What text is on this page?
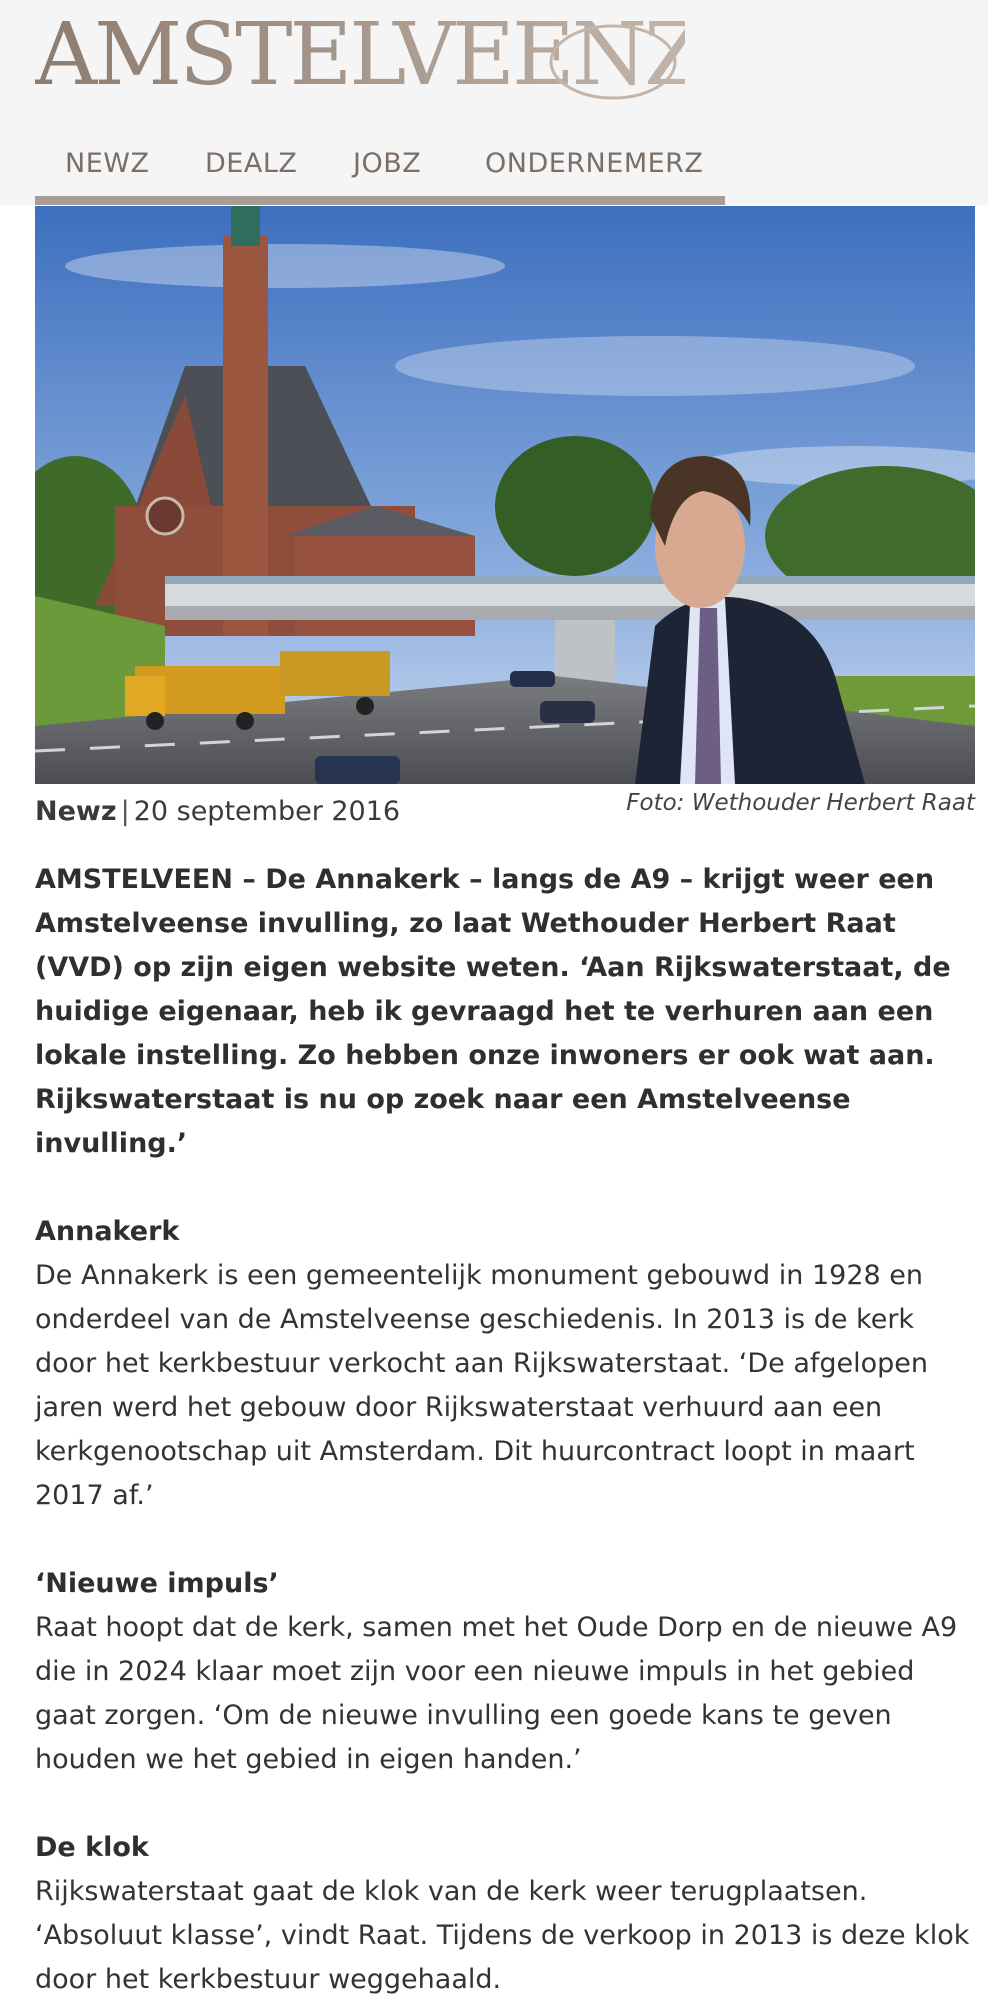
AMSTELVEENZ
NEWZ DEALZ JOBZ ONDERNEMERZ
Newz | 20 september 2016	Foto: Wethouder Herbert Raat

AMSTELVEEN – De Annakerk – langs de A9 – krijgt weer een Amstelveense invulling, zo laat Wethouder Herbert Raat (VVD) op zijn eigen website weten. ‘Aan Rijkswaterstaat, de huidige eigenaar, heb ik gevraagd het te verhuren aan een lokale instelling. Zo hebben onze inwoners er ook wat aan. Rijkswaterstaat is nu op zoek naar een Amstelveense invulling.’

Annakerk

De Annakerk is een gemeentelijk monument gebouwd in 1928 en onderdeel van de Amstelveense geschiedenis. In 2013 is de kerk door het kerkbestuur verkocht aan Rijkswaterstaat. ‘De afgelopen jaren werd het gebouw door Rijkswaterstaat verhuurd aan een kerkgenootschap uit Amsterdam. Dit huurcontract loopt in maart 2017 af.’

‘Nieuwe impuls’

Raat hoopt dat de kerk, samen met het Oude Dorp en de nieuwe A9 die in 2024 klaar moet zijn voor een nieuwe impuls in het gebied gaat zorgen. ‘Om de nieuwe invulling een goede kans te geven houden we het gebied in eigen handen.’

De klok

Rijkswaterstaat gaat de klok van de kerk weer terugplaatsen. ‘Absoluut klasse’, vindt Raat. Tijdens de verkoop in 2013 is deze klok door het kerkbestuur weggehaald.
